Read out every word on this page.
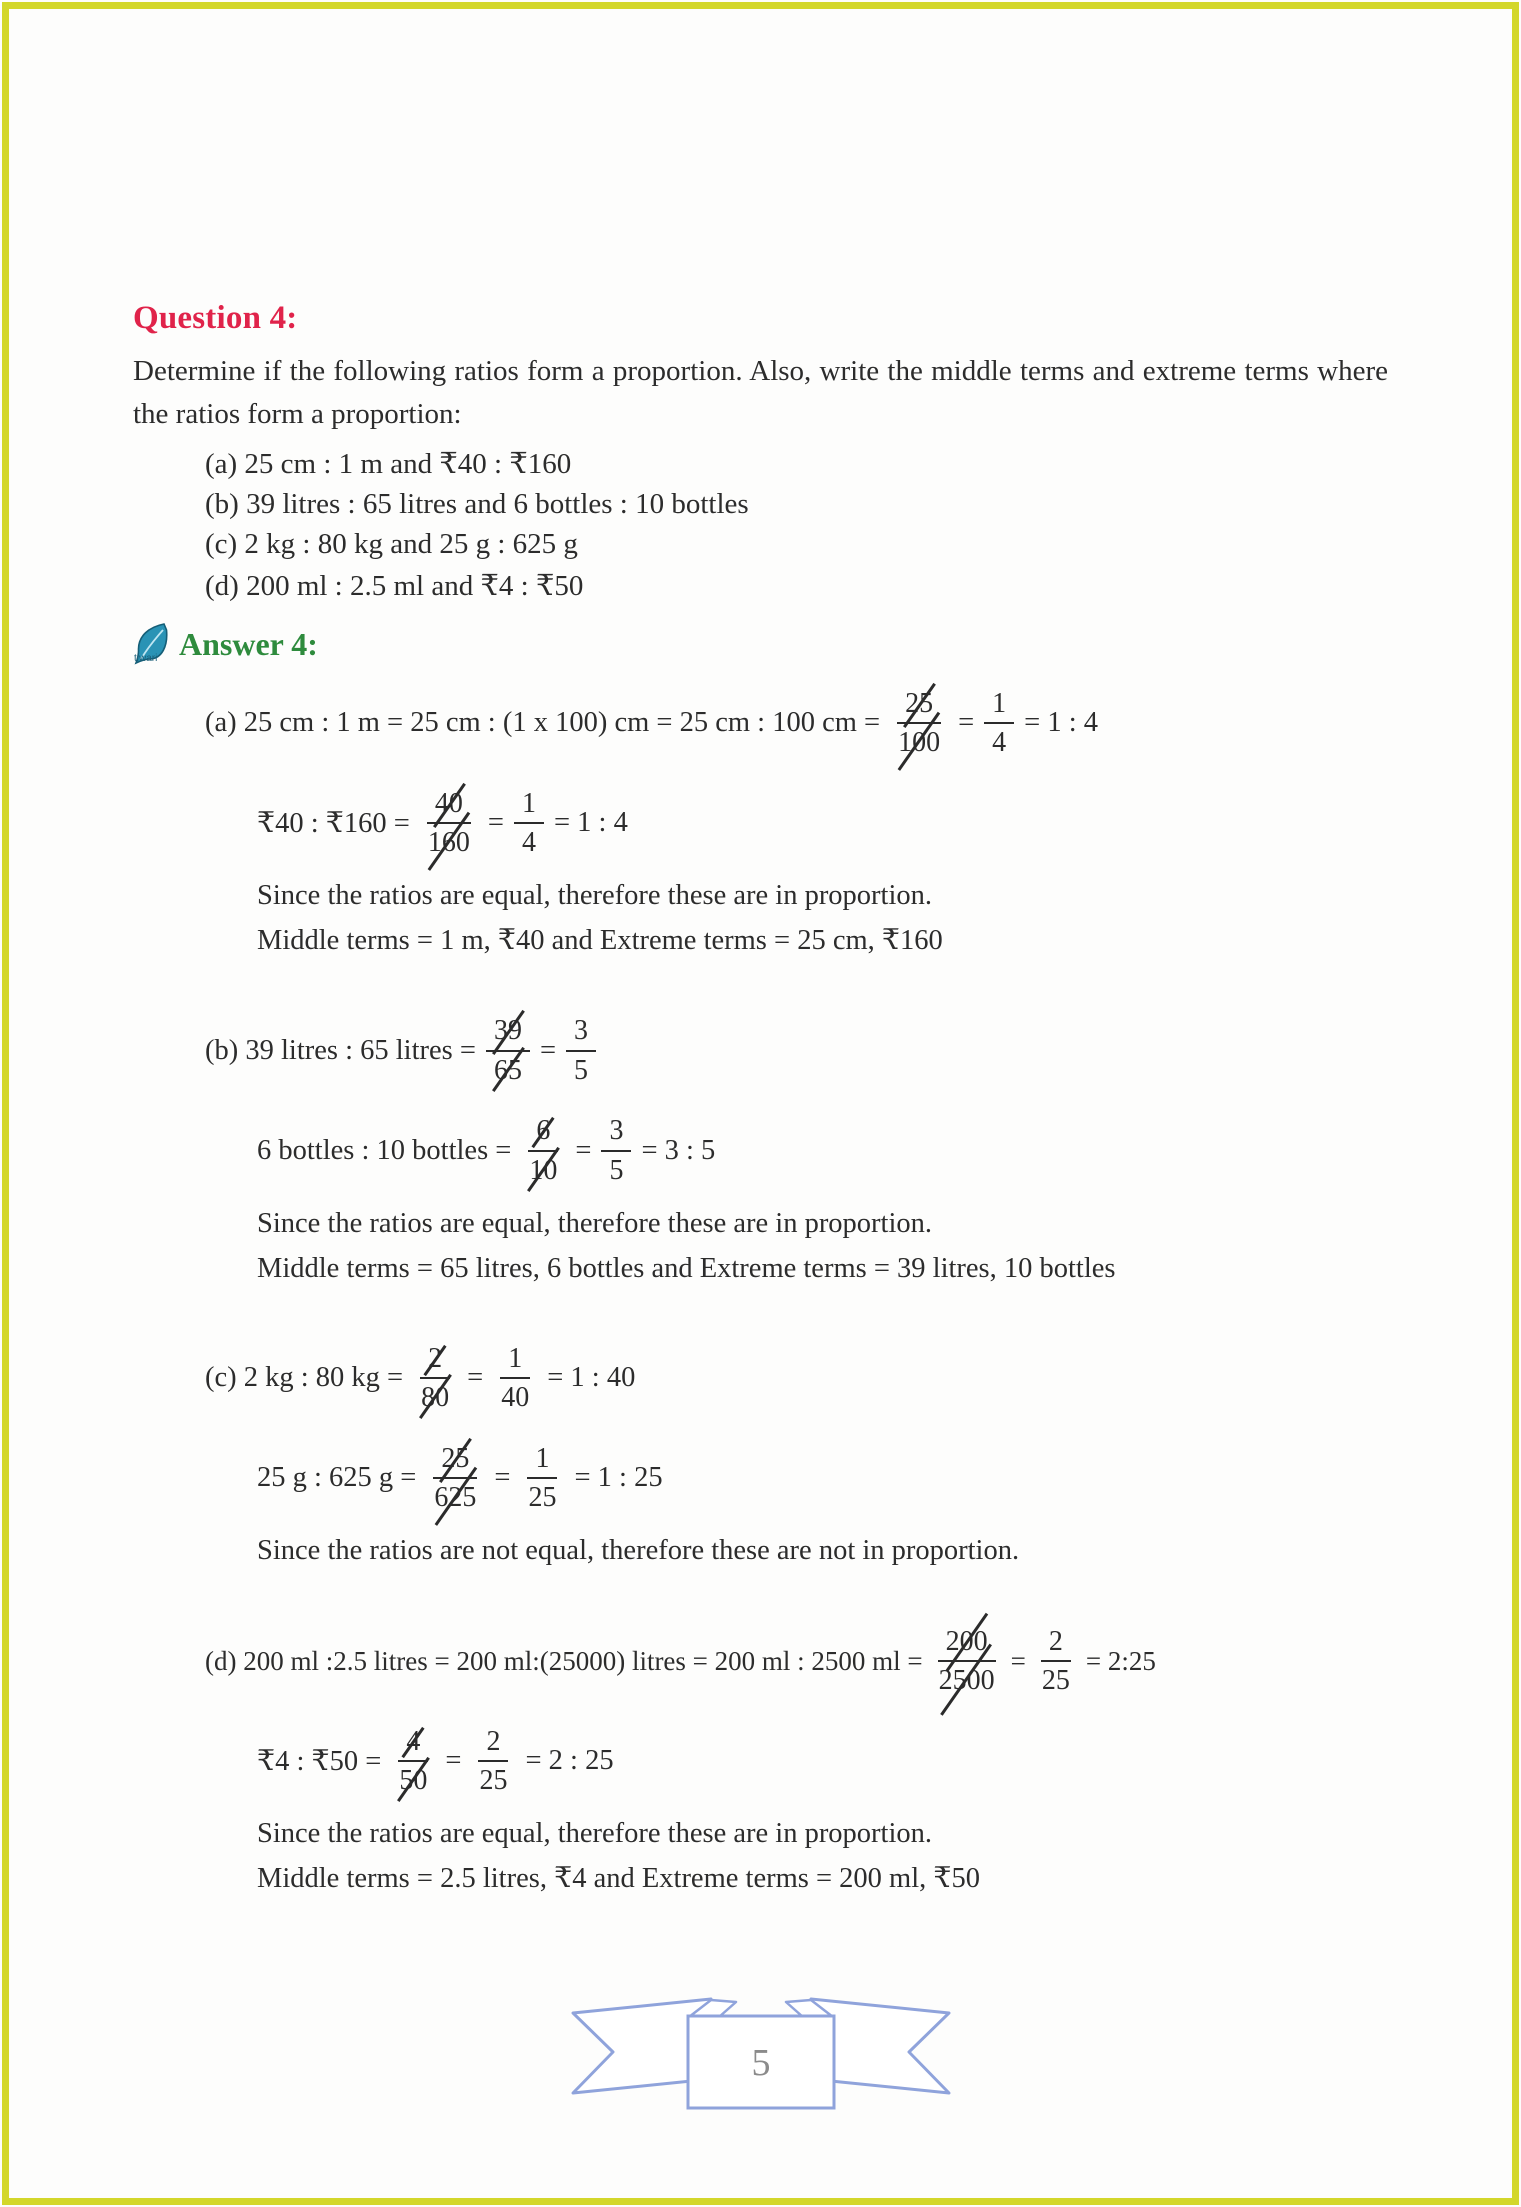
Question 4:
Determine if the following ratios form a proportion. Also, write the middle terms and extreme terms where the ratios form a proportion:
(a) 25 cm : 1 m and ₹40 : ₹160
(b) 39 litres : 65 litres and 6 bottles : 10 bottles
(c) 2 kg : 80 kg and 25 g : 625 g
(d) 200 ml : 2.5 ml and ₹4 : ₹50
tiwari Answer 4:
(a) 25 cm : 1 m = 25 cm : (1 x 100) cm = 25 cm : 100 cm = $\frac{25}{100} = \frac{1}{4} = 1$ : 4
₹40 : ₹160 = $\frac{40}{160} = \frac{1}{4} = 1$ : 4
Since the ratios are equal, therefore these are in proportion.
Middle terms = 1 m, ₹40 and Extreme terms = 25 cm, ₹160
(b) 39 litres : 65 litres = $\frac{39}{65} = \frac{3}{5}$
6 bottles : 10 bottles = $\frac{6}{10} = \frac{3}{5} = 3$ : 5
Since the ratios are equal, therefore these are in proportion.
Middle terms = 65 litres, 6 bottles and Extreme terms = 39 litres, 10 bottles
(c) 2 kg : 80 kg = $\frac{2}{80} = \frac{1}{40} = 1$ : 40
25 g : 625 $g = \frac{25}{625} = \frac{1}{25} = 1$ : 25
Since the ratios are not equal, therefore these are not in proportion.
(d) 200 ml :2.5 litres = 200 ml:(25000) litres = 200 ml : 2500 ml = $\frac{200}{2500} = \frac{2}{25}$ = 2:25
₹4 : ₹50 = $\frac{4}{50} = \frac{2}{25} = 2$ : 25
Since the ratios are equal, therefore these are in proportion.
Middle terms = 2.5 litres, ₹4 and Extreme terms = 200 ml, ₹50
5
